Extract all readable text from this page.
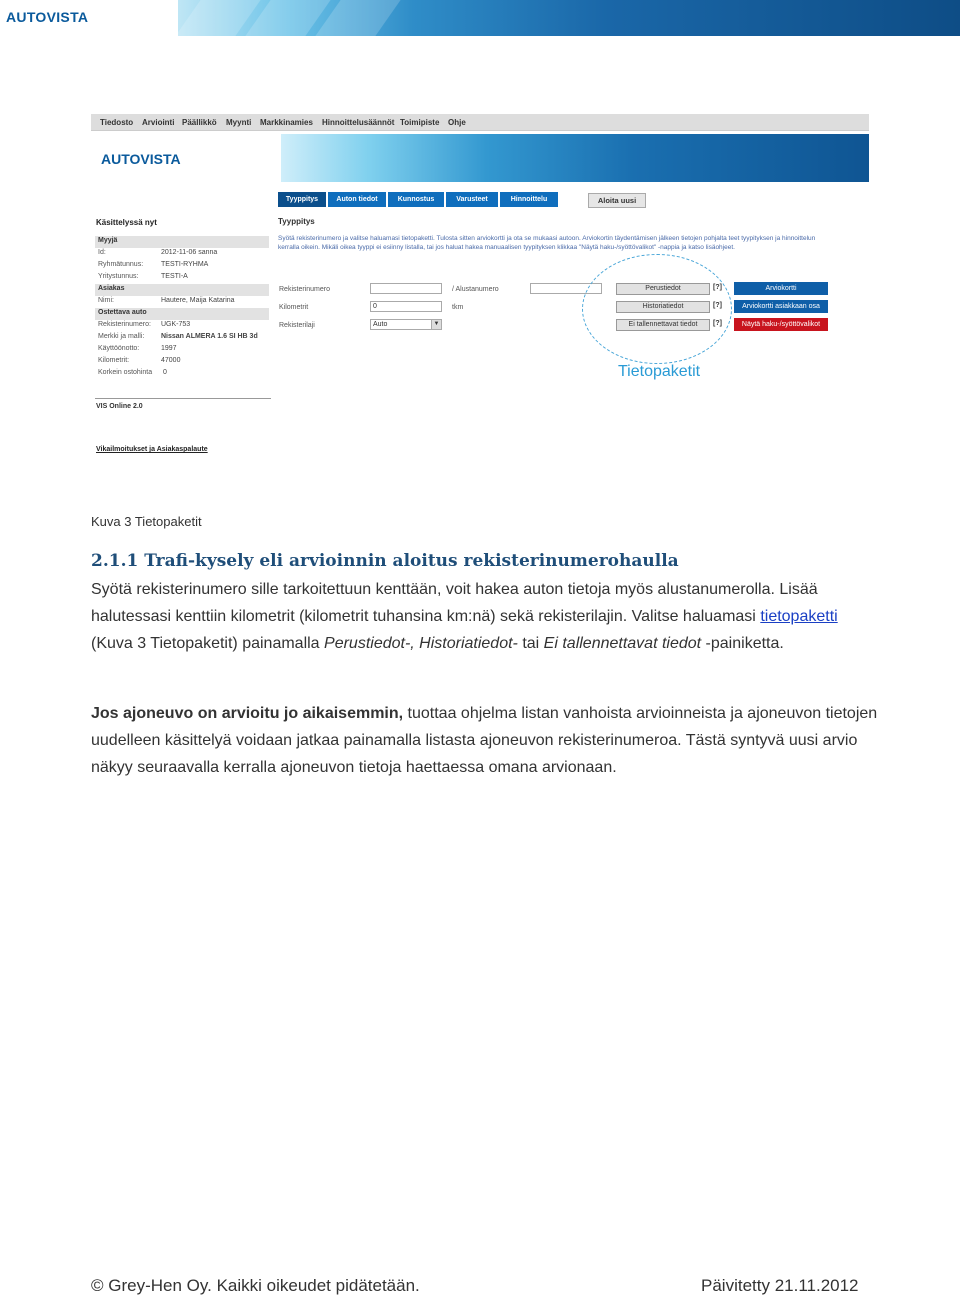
AUTOVISTA
Tiedosto Arviointi Päällikkö Myynti Markkinamies Hinnoittelusäännöt Toimipiste Ohje
AUTOVISTA
Tyyppitys	Auton tiedot	Kunnostus	Varusteet	Hinnoittelu	Aloita uusi
Käsittelyssä nyt
Myyjä
Id:	2012-11-06 sanna
Ryhmätunnus:	TESTI-RYHMA
Yritystunnus:	TESTI-A
Asiakas
Nimi:	Hautere, Maija Katarina
Ostettava auto
Rekisterinumero: UGK-753
Merkki ja malli: Nissan ALMERA 1.6 SI HB 3d
Käyttöönotto:	1997
Kilometrit:	47000
Korkein ostohinta 0
VIS Online 2.0
Vikailmoitukset ja Asiakaspalaute
Tyyppitys
Syötä rekisterinumero ja valitse haluamasi tietopaketti. Tulosta sitten arviokortti ja ota se mukaasi autoon. Arviokortin täydentämisen jälkeen tietojen pohjalta teet tyypityksen ja hinnoittelun kerralla oikein. Mikäli oikea tyyppi ei esiinny listalla, tai jos haluat hakea manuaalisen tyypityksen klikkaa "Näytä haku-/syöttövalikot" -nappia ja katso lisäohjeet.
Rekisterinumero	/ Alustanumero
Kilometrit	0	tkm
Rekisterilaji	Auto	▼
Perustiedot	[?]
Historiatiedot	[?]
Ei tallennettavat tiedot	[?]
Arviokortti
Arviokortti asiakkaan osa
Näytä haku-/syöttövalikot
Tietopaketit
Kuva 3 Tietopaketit
2.1.1 Trafi-kysely eli arvioinnin aloitus rekisterinumerohaulla

Syötä rekisterinumero sille tarkoitettuun kenttään, voit hakea auton tietoja myös alustanumerolla. Lisää halutessasi kenttiin kilometrit (kilometrit tuhansina km:nä) sekä rekisterilajin. Valitse haluamasi tietopaketti (Kuva 3 Tietopaketit) painamalla Perustiedot-, Historiatiedot- tai Ei tallennettavat tiedot -painiketta.

Jos ajoneuvo on arvioitu jo aikaisemmin, tuottaa ohjelma listan vanhoista arvioinneista ja ajoneuvon tietojen uudelleen käsittelyä voidaan jatkaa painamalla listasta ajoneuvon rekisterinumeroa. Tästä syntyvä uusi arvio näkyy seuraavalla kerralla ajoneuvon tietoja haettaessa omana arvionaan.

© Grey-Hen Oy. Kaikki oikeudet pidätetään.	Päivitetty 21.11.2012
